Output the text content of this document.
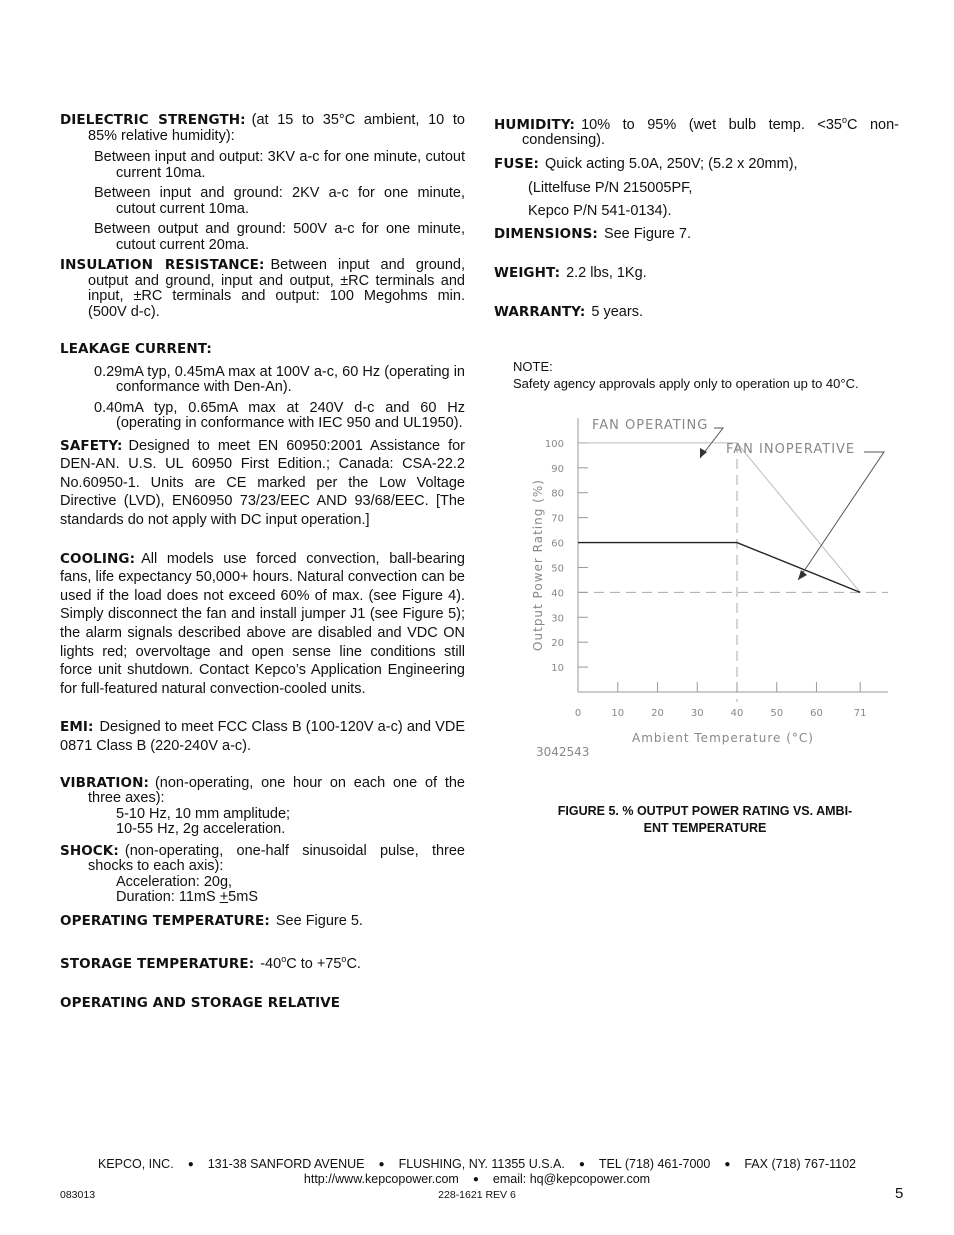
DIELECTRIC STRENGTH: (at 15 to 35°C ambient, 10 to 85% relative humidity):

Between input and output: 3KV a-c for one minute, cutout current 10ma.

Between input and ground: 2KV a-c for one minute, cutout current 10ma.

Between output and ground: 500V a-c for one minute, cutout current 20ma.

INSULATION RESISTANCE: Between input and ground, output and ground, input and output, ±RC terminals and input, ±RC terminals and output: 100 Megohms min. (500V d-c).

LEAKAGE CURRENT:

0.29mA typ, 0.45mA max at 100V a-c, 60 Hz (operating in conformance with Den-An).

0.40mA typ, 0.65mA max at 240V d-c and 60 Hz (operating in conformance with IEC 950 and UL1950).

SAFETY: Designed to meet EN 60950:2001 Assistance for DEN-AN. U.S. UL 60950 First Edition.; Canada: CSA-22.2 No.60950-1. Units are CE marked per the Low Voltage Directive (LVD), EN60950 73/23/EEC AND 93/68/EEC. [The standards do not apply with DC input operation.]

COOLING: All models use forced convection, ball-bearing fans, life expectancy 50,000+ hours. Natural convection can be used if the load does not exceed 60% of max. (see Figure 4). Simply disconnect the fan and install jumper J1 (see Figure 5); the alarm signals described above are disabled and VDC ON lights red; overvoltage and open sense line conditions still force unit shutdown. Contact Kepco’s Application Engineering for full-featured natural convection-cooled units.

EMI: Designed to meet FCC Class B (100-120V a-c) and VDE 0871 Class B (220-240V a-c).

VIBRATION: (non-operating, one hour on each one of the three axes):

5-10 Hz, 10 mm amplitude;
10-55 Hz, 2g acceleration.

SHOCK: (non-operating, one-half sinusoidal pulse, three shocks to each axis):

Acceleration: 20g,
Duration: 11mS +5mS

OPERATING TEMPERATURE: See Figure 5.

STORAGE TEMPERATURE: -40$^o$C to $+75^oC$.

OPERATING AND STORAGE RELATIVE

HUMIDITY: 10% to 95% (wet bulb temp. $<35^oC$ non-condensing).

FUSE: Quick acting 5.0A, 250V; (5.2 x 20mm),

(Littelfuse P/N 215005PF,
Kepco P/N 541-0134).

DIMENSIONS: See Figure 7.

WEIGHT: 2.2 lbs, 1Kg.

WARRANTY: 5 years.

NOTE:
Safety agency approvals apply only to operation up to 40°C.
10
20
30
40
50
60
70
80
90
100
0	10	20	30	40	50	60	71
FAN OPERATING
FAN INOPERATIVE
Output Power Rating (%)
Ambient Temperature (°C)
3042543
FIGURE 5. % OUTPUT POWER RATING VS. AMBI-
ENT TEMPERATURE
KEPCO, INC. ● 131-38 SANFORD AVENUE ● FLUSHING, NY. 11355 U.S.A. ● TEL (718) 461-7000 ● FAX (718) 767-1102
http://www.kepcopower.com ● email: hq@kepcopower.com
083013	228-1621 REV 6	5
